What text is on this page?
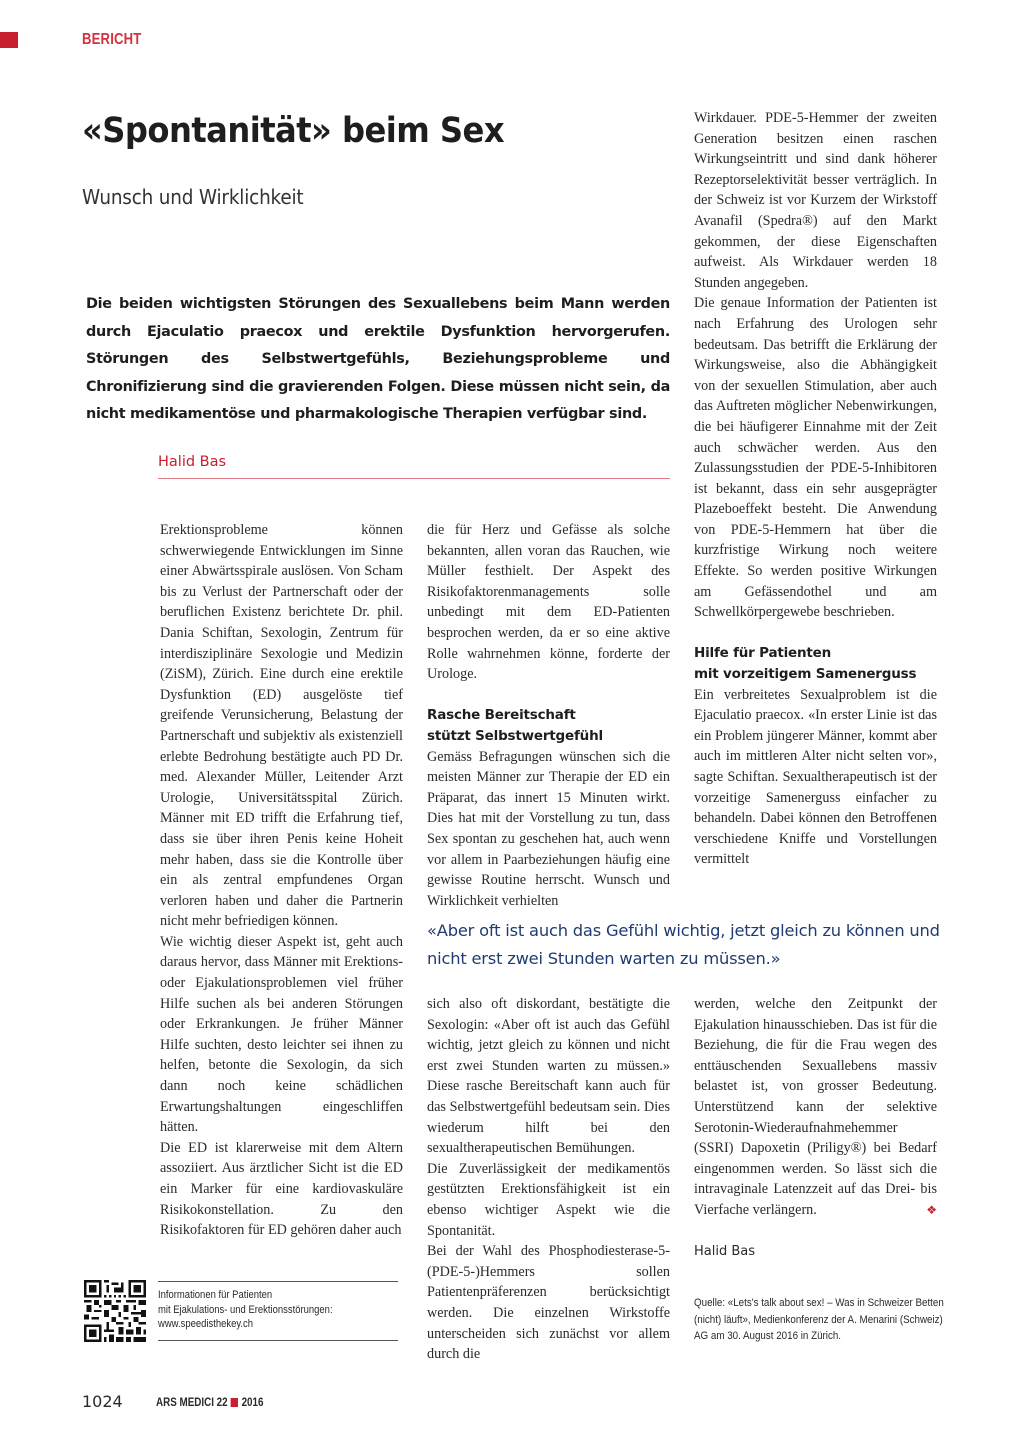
BERICHT
«Spontanität» beim Sex
Wunsch und Wirklichkeit

Die beiden wichtigsten Störungen des Sexuallebens beim Mann werden durch Ejaculatio praecox und erektile Dysfunktion hervorgerufen. Störungen des Selbstwertgefühls, Beziehungsprobleme und Chronifizierung sind die gravierenden Folgen. Diese müssen nicht sein, da nicht medikamentöse und pharmakologische Therapien verfügbar sind.

Halid Bas

Erektionsprobleme können schwerwiegende Entwicklungen im Sinne einer Abwärtsspirale auslösen. Von Scham bis zu Verlust der Partnerschaft oder der beruflichen Existenz berichtete Dr. phil. Dania Schiftan, Sexologin, Zentrum für interdisziplinäre Sexologie und Medizin (ZiSM), Zürich. Eine durch eine erektile Dysfunktion (ED) ausgelöste tief greifende Verunsicherung, Belastung der Partnerschaft und subjektiv als existenziell erlebte Bedrohung bestätigte auch PD Dr. med. Alexander Müller, Leitender Arzt Urologie, Universitätsspital Zürich. Männer mit ED trifft die Erfahrung tief, dass sie über ihren Penis keine Hoheit mehr haben, dass sie die Kontrolle über ein als zentral empfundenes Organ verloren haben und daher die Partnerin nicht mehr befriedigen können.

Wie wichtig dieser Aspekt ist, geht auch daraus hervor, dass Männer mit Erektions- oder Ejakulationsproblemen viel früher Hilfe suchen als bei anderen Störungen oder Erkrankungen. Je früher Männer Hilfe suchten, desto leichter sei ihnen zu helfen, betonte die Sexologin, da sich dann noch keine schädlichen Erwartungshaltungen eingeschliffen hätten.

Die ED ist klarerweise mit dem Altern assoziiert. Aus ärztlicher Sicht ist die ED ein Marker für eine kardiovaskuläre Risikokonstellation. Zu den Risikofaktoren für ED gehören daher auch

die für Herz und Gefässe als solche bekannten, allen voran das Rauchen, wie Müller festhielt. Der Aspekt des Risikofaktorenmanagements solle unbedingt mit dem ED-Patienten besprochen werden, da er so eine aktive Rolle wahrnehmen könne, forderte der Urologe.

Rasche Bereitschaft
stützt Selbstwertgefühl

Gemäss Befragungen wünschen sich die meisten Männer zur Therapie der ED ein Präparat, das innert 15 Minuten wirkt. Dies hat mit der Vorstellung zu tun, dass Sex spontan zu geschehen hat, auch wenn vor allem in Paarbeziehungen häufig eine gewisse Routine herrscht. Wunsch und Wirklichkeit verhielten

Wirkdauer. PDE-5-Hemmer der zweiten Generation besitzen einen raschen Wirkungseintritt und sind dank höherer Rezeptorselektivität besser verträglich. In der Schweiz ist vor Kurzem der Wirkstoff Avanafil (Spedra®) auf den Markt gekommen, der diese Eigenschaften aufweist. Als Wirkdauer werden 18 Stunden angegeben.

Die genaue Information der Patienten ist nach Erfahrung des Urologen sehr bedeutsam. Das betrifft die Erklärung der Wirkungsweise, also die Abhängigkeit von der sexuellen Stimulation, aber auch das Auftreten möglicher Nebenwirkungen, die bei häufigerer Einnahme mit der Zeit auch schwächer werden. Aus den Zulassungsstudien der PDE-5-Inhibitoren ist bekannt, dass ein sehr ausgeprägter Plazeboeffekt besteht. Die Anwendung von PDE-5-Hemmern hat über die kurzfristige Wirkung noch weitere Effekte. So werden positive Wirkungen am Gefässendothel und am Schwellkörpergewebe beschrieben.

Hilfe für Patienten
mit vorzeitigem Samenerguss

Ein verbreitetes Sexualproblem ist die Ejaculatio praecox. «In erster Linie ist das ein Problem jüngerer Männer, kommt aber auch im mittleren Alter nicht selten vor», sagte Schiftan. Sexualtherapeutisch ist der vorzeitige Samenerguss einfacher zu behandeln. Dabei können den Betroffenen verschiedene Kniffe und Vorstellungen vermittelt

«Aber oft ist auch das Gefühl wichtig, jetzt gleich zu können und nicht erst zwei Stunden warten zu müssen.»

sich also oft diskordant, bestätigte die Sexologin: «Aber oft ist auch das Gefühl wichtig, jetzt gleich zu können und nicht erst zwei Stunden warten zu müssen.» Diese rasche Bereitschaft kann auch für das Selbstwertgefühl bedeutsam sein. Dies wiederum hilft bei den sexualtherapeutischen Bemühungen.

Die Zuverlässigkeit der medikamentös gestützten Erektionsfähigkeit ist ein ebenso wichtiger Aspekt wie die Spontanität.

Bei der Wahl des Phosphodiesterase-5-(PDE-5-)Hemmers sollen Patientenpräferenzen berücksichtigt werden. Die einzelnen Wirkstoffe unterscheiden sich zunächst vor allem durch die

werden, welche den Zeitpunkt der Ejakulation hinausschieben. Das ist für die Beziehung, die für die Frau wegen des enttäuschenden Sexuallebens massiv belastet ist, von grosser Bedeutung. Unterstützend kann der selektive Serotonin-Wiederaufnahmehemmer (SSRI) Dapoxetin (Priligy®) bei Bedarf eingenommen werden. So lässt sich die intravaginale Latenzzeit auf das Drei- bis Vierfache verlängern.	❖

Halid Bas
Quelle: «Lets's talk about sex! – Was in Schweizer Betten
(nicht) läuft», Medienkonferenz der A. Menarini (Schweiz)
AG am 30. August 2016 in Zürich.
Informationen für Patienten
mit Ejakulations- und Erektionsstörungen:
www.speedisthekey.ch
1024	ARS MEDICI 22 2016
